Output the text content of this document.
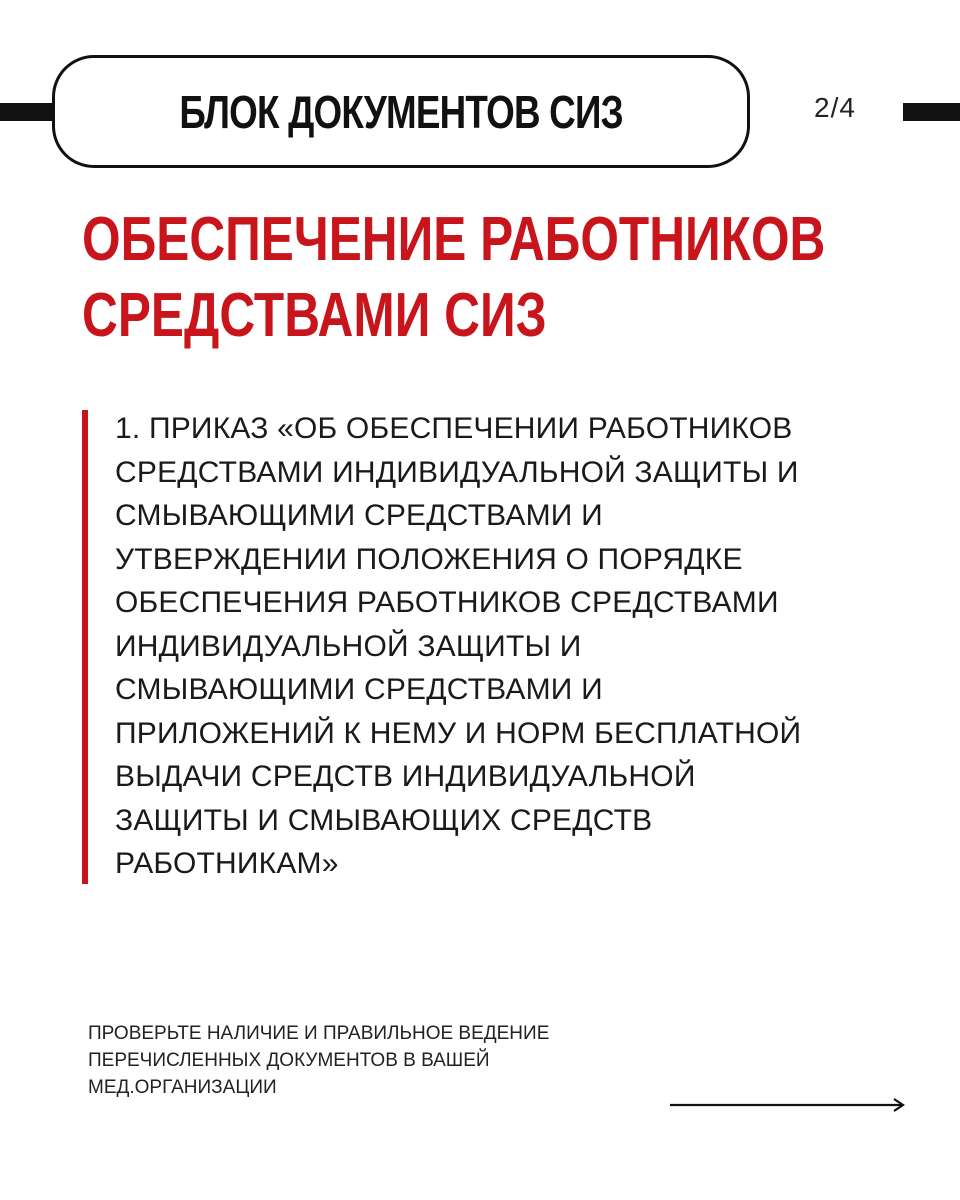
БЛОК ДОКУМЕНТОВ СИЗ	2/4
ОБЕСПЕЧЕНИЕ РАБОТНИКОВ
СРЕДСТВАМИ СИЗ
1. ПРИКАЗ «ОБ ОБЕСПЕЧЕНИИ РАБОТНИКОВ
СРЕДСТВАМИ ИНДИВИДУАЛЬНОЙ ЗАЩИТЫ И
СМЫВАЮЩИМИ СРЕДСТВАМИ И
УТВЕРЖДЕНИИ ПОЛОЖЕНИЯ О ПОРЯДКЕ
ОБЕСПЕЧЕНИЯ РАБОТНИКОВ СРЕДСТВАМИ
ИНДИВИДУАЛЬНОЙ ЗАЩИТЫ И
СМЫВАЮЩИМИ СРЕДСТВАМИ И
ПРИЛОЖЕНИЙ К НЕМУ И НОРМ БЕСПЛАТНОЙ
ВЫДАЧИ СРЕДСТВ ИНДИВИДУАЛЬНОЙ
ЗАЩИТЫ И СМЫВАЮЩИХ СРЕДСТВ
РАБОТНИКАМ»
ПРОВЕРЬТЕ НАЛИЧИЕ И ПРАВИЛЬНОЕ ВЕДЕНИЕ
ПЕРЕЧИСЛЕННЫХ ДОКУМЕНТОВ В ВАШЕЙ
МЕД.ОРГАНИЗАЦИИ
